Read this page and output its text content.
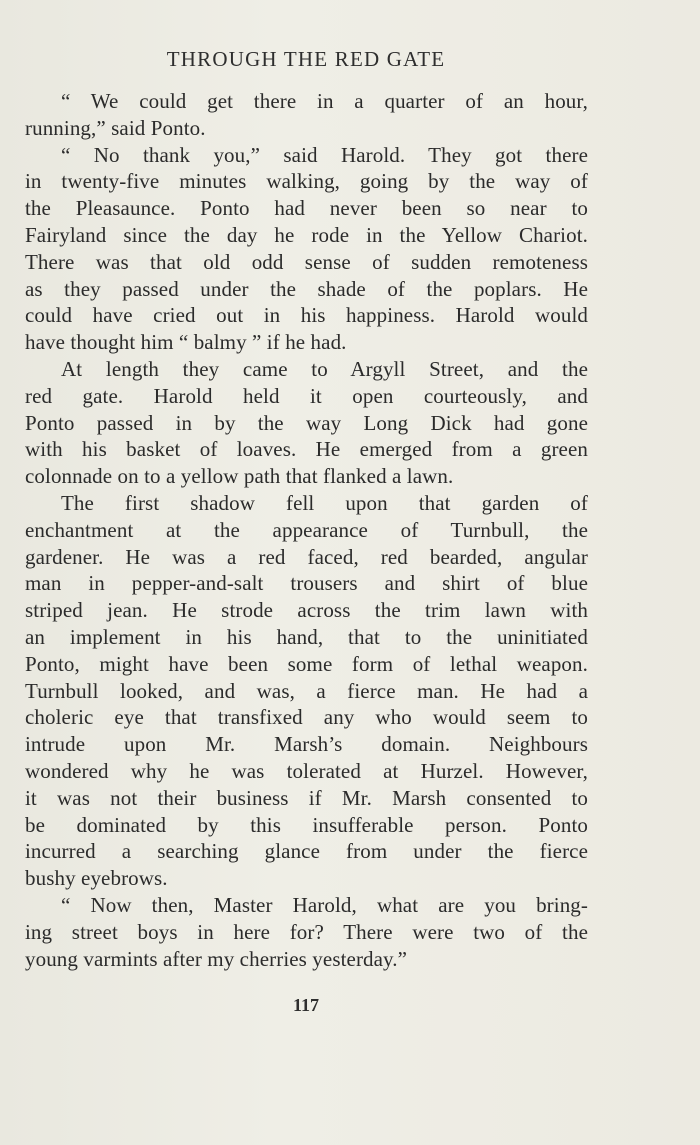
THROUGH THE RED GATE
“ We could get there in a quarter of an hour,
running,” said Ponto.
“ No thank you,” said Harold. They got there
in twenty-five minutes walking, going by the way of
the Pleasaunce. Ponto had never been so near to
Fairyland since the day he rode in the Yellow Chariot.
There was that old odd sense of sudden remoteness
as they passed under the shade of the poplars. He
could have cried out in his happiness. Harold would
have thought him “ balmy ” if he had.
At length they came to Argyll Street, and the
red gate. Harold held it open courteously, and
Ponto passed in by the way Long Dick had gone
with his basket of loaves. He emerged from a green
colonnade on to a yellow path that flanked a lawn.
The first shadow fell upon that garden of
enchantment at the appearance of Turnbull, the
gardener. He was a red faced, red bearded, angular
man in pepper-and-salt trousers and shirt of blue
striped jean. He strode across the trim lawn with
an implement in his hand, that to the uninitiated
Ponto, might have been some form of lethal weapon.
Turnbull looked, and was, a fierce man. He had a
choleric eye that transfixed any who would seem to
intrude upon Mr. Marsh’s domain. Neighbours
wondered why he was tolerated at Hurzel. However,
it was not their business if Mr. Marsh consented to
be dominated by this insufferable person. Ponto
incurred a searching glance from under the fierce
bushy eyebrows.
“ Now then, Master Harold, what are you bring-
ing street boys in here for? There were two of the
young varmints after my cherries yesterday.”
117
